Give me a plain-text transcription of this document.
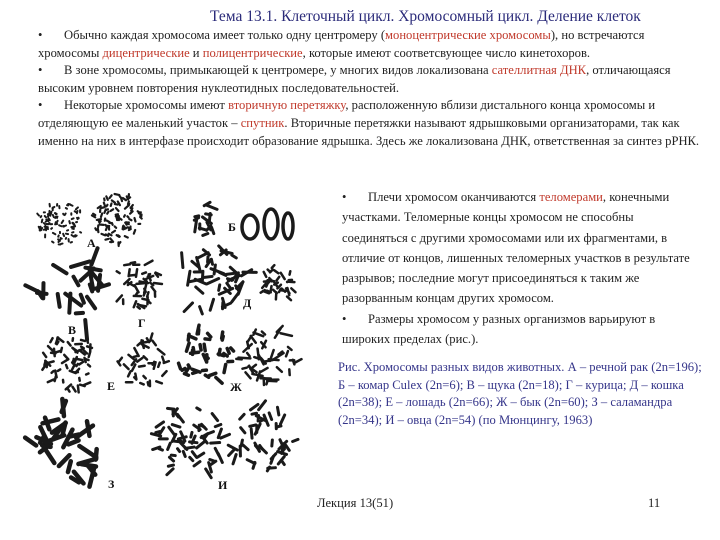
Тема 13.1. Клеточный цикл. Хромосомный цикл. Деление клеток

• Обычно каждая хромосома имеет только одну центромеру (моноцентрические хромосомы), но встречаются хромосомы дицентрические и полицентрические, которые имеют соответсвующее число кинетохоров.

• В зоне хромосомы, примыкающей к центромере, у многих видов локализована сателлитная ДНК, отличающаяся высоким уровнем повторения нуклеотидных последовательностей.

• Некоторые хромосомы имеют вторичную перетяжку, расположенную вблизи дистального конца хромосомы и отделяющую ее маленький участок – спутник. Вторичные перетяжки называют ядрышковыми организаторами, так как именно на них в интерфазе происходит образование ядрышка. Здесь же локализована ДНК, ответственная за синтез рРНК.

• Плечи хромосом оканчиваются теломерами, конечными участками. Теломерные концы хромосом не способны соединяться с другими хромосомами или их фрагментами, в отличие от концов, лишенных теломерных участков в результате разрывов; последние могут присоединяться к таким же разорванным концам других хромосом.

• Размеры хромосом у разных организмов варьируют в широких пределах (рис.).

Рис. Хромосомы разных видов животных. А – речной рак (2n=196); Б – комар Culex (2n=6); В – щука (2n=18); Г – курица; Д – кошка (2n=38); Е – лошадь (2n=66); Ж – бык (2n=60); З – саламандра (2n=34); И – овца (2n=54) (по Мюнцингу, 1963)
А
Б
В	Г
Д
Е	Ж
З	И
Лекция 13(51)	11
